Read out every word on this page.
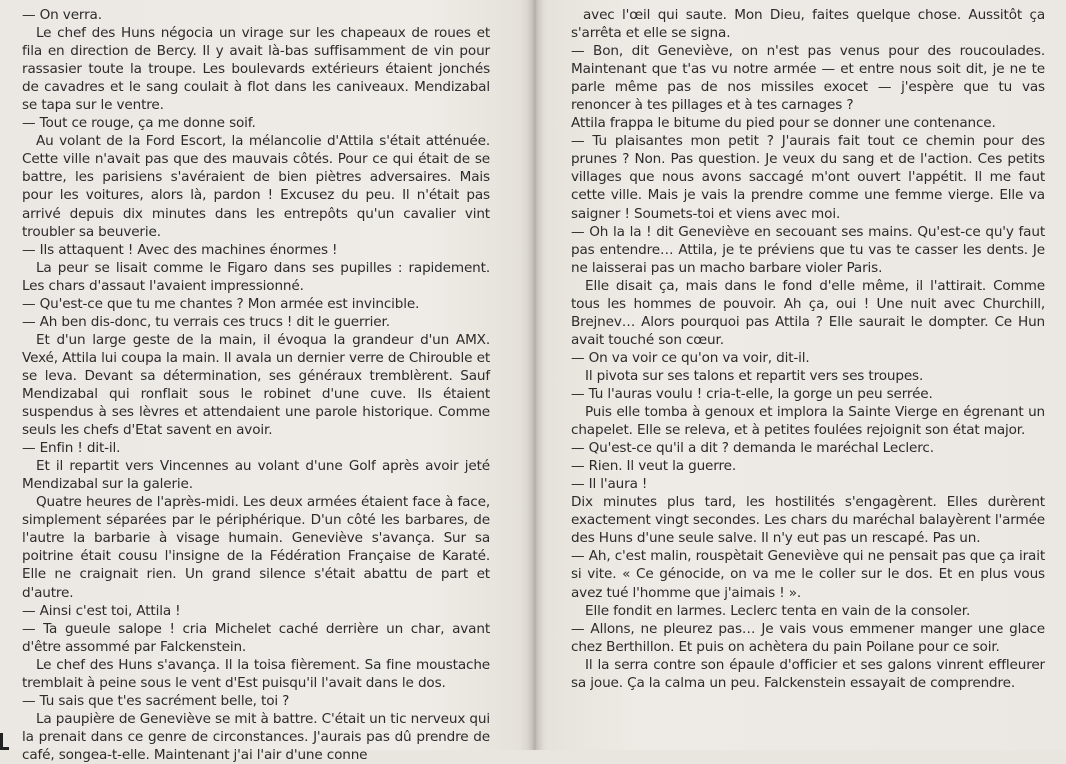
— On verra.

Le chef des Huns négocia un virage sur les chapeaux de roues et fila en direction de Bercy. Il y avait là-bas suffisamment de vin pour rassasier toute la troupe. Les boulevards extérieurs étaient jonchés de cavadres et le sang coulait à flot dans les caniveaux. Mendizabal se tapa sur le ventre.

— Tout ce rouge, ça me donne soif.

Au volant de la Ford Escort, la mélancolie d'Attila s'était atténuée. Cette ville n'avait pas que des mauvais côtés. Pour ce qui était de se battre, les parisiens s'avéraient de bien piètres adversaires. Mais pour les voitures, alors là, pardon ! Excusez du peu. Il n'était pas arrivé depuis dix minutes dans les entrepôts qu'un cavalier vint troubler sa beuverie.

— Ils attaquent ! Avec des machines énormes !

La peur se lisait comme le Figaro dans ses pupilles : rapidement. Les chars d'assaut l'avaient impressionné.

— Qu'est-ce que tu me chantes ? Mon armée est invincible.

— Ah ben dis-donc, tu verrais ces trucs ! dit le guerrier.

Et d'un large geste de la main, il évoqua la grandeur d'un AMX. Vexé, Attila lui coupa la main. Il avala un dernier verre de Chirouble et se leva. Devant sa détermination, ses généraux tremblèrent. Sauf Mendizabal qui ronflait sous le robinet d'une cuve. Ils étaient suspendus à ses lèvres et attendaient une parole historique. Comme seuls les chefs d'Etat savent en avoir.

— Enfin ! dit-il.

Et il repartit vers Vincennes au volant d'une Golf après avoir jeté Mendizabal sur la galerie.

Quatre heures de l'après-midi. Les deux armées étaient face à face, simplement séparées par le périphérique. D'un côté les barbares, de l'autre la barbarie à visage humain. Geneviève s'avança. Sur sa poitrine était cousu l'insigne de la Fédération Française de Karaté. Elle ne craignait rien. Un grand silence s'était abattu de part et d'autre.

— Ainsi c'est toi, Attila !

— Ta gueule salope ! cria Michelet caché derrière un char, avant d'être assommé par Falckenstein.

Le chef des Huns s'avança. Il la toisa fièrement. Sa fine moustache tremblait à peine sous le vent d'Est puisqu'il l'avait dans le dos.

— Tu sais que t'es sacrément belle, toi ?

La paupière de Geneviève se mit à battre. C'était un tic nerveux qui la prenait dans ce genre de circonstances. J'aurais pas dû prendre de café, songea-t-elle. Maintenant j'ai l'air d'une conne

avec l'œil qui saute. Mon Dieu, faites quelque chose. Aussitôt ça s'arrêta et elle se signa.

— Bon, dit Geneviève, on n'est pas venus pour des roucoulades. Maintenant que t'as vu notre armée — et entre nous soit dit, je ne te parle même pas de nos missiles exocet — j'espère que tu vas renoncer à tes pillages et à tes carnages ?

Attila frappa le bitume du pied pour se donner une contenance.

— Tu plaisantes mon petit ? J'aurais fait tout ce chemin pour des prunes ? Non. Pas question. Je veux du sang et de l'action. Ces petits villages que nous avons saccagé m'ont ouvert l'appétit. Il me faut cette ville. Mais je vais la prendre comme une femme vierge. Elle va saigner ! Soumets-toi et viens avec moi.

— Oh la la ! dit Geneviève en secouant ses mains. Qu'est-ce qu'y faut pas entendre… Attila, je te préviens que tu vas te casser les dents. Je ne laisserai pas un macho barbare violer Paris.

Elle disait ça, mais dans le fond d'elle même, il l'attirait. Comme tous les hommes de pouvoir. Ah ça, oui ! Une nuit avec Churchill, Brejnev… Alors pourquoi pas Attila ? Elle saurait le dompter. Ce Hun avait touché son cœur.

— On va voir ce qu'on va voir, dit-il.

Il pivota sur ses talons et repartit vers ses troupes.

— Tu l'auras voulu ! cria-t-elle, la gorge un peu serrée.

Puis elle tomba à genoux et implora la Sainte Vierge en égrenant un chapelet. Elle se releva, et à petites foulées rejoignit son état major.

— Qu'est-ce qu'il a dit ? demanda le maréchal Leclerc.

— Rien. Il veut la guerre.

— Il l'aura !

Dix minutes plus tard, les hostilités s'engagèrent. Elles durèrent exactement vingt secondes. Les chars du maréchal balayèrent l'armée des Huns d'une seule salve. Il n'y eut pas un rescapé. Pas un.

— Ah, c'est malin, rouspètait Geneviève qui ne pensait pas que ça irait si vite. « Ce génocide, on va me le coller sur le dos. Et en plus vous avez tué l'homme que j'aimais ! ».

Elle fondit en larmes. Leclerc tenta en vain de la consoler.

— Allons, ne pleurez pas… Je vais vous emmener manger une glace chez Berthillon. Et puis on achètera du pain Poilane pour ce soir.

Il la serra contre son épaule d'officier et ses galons vinrent effleurer sa joue. Ça la calma un peu. Falckenstein essayait de comprendre.
